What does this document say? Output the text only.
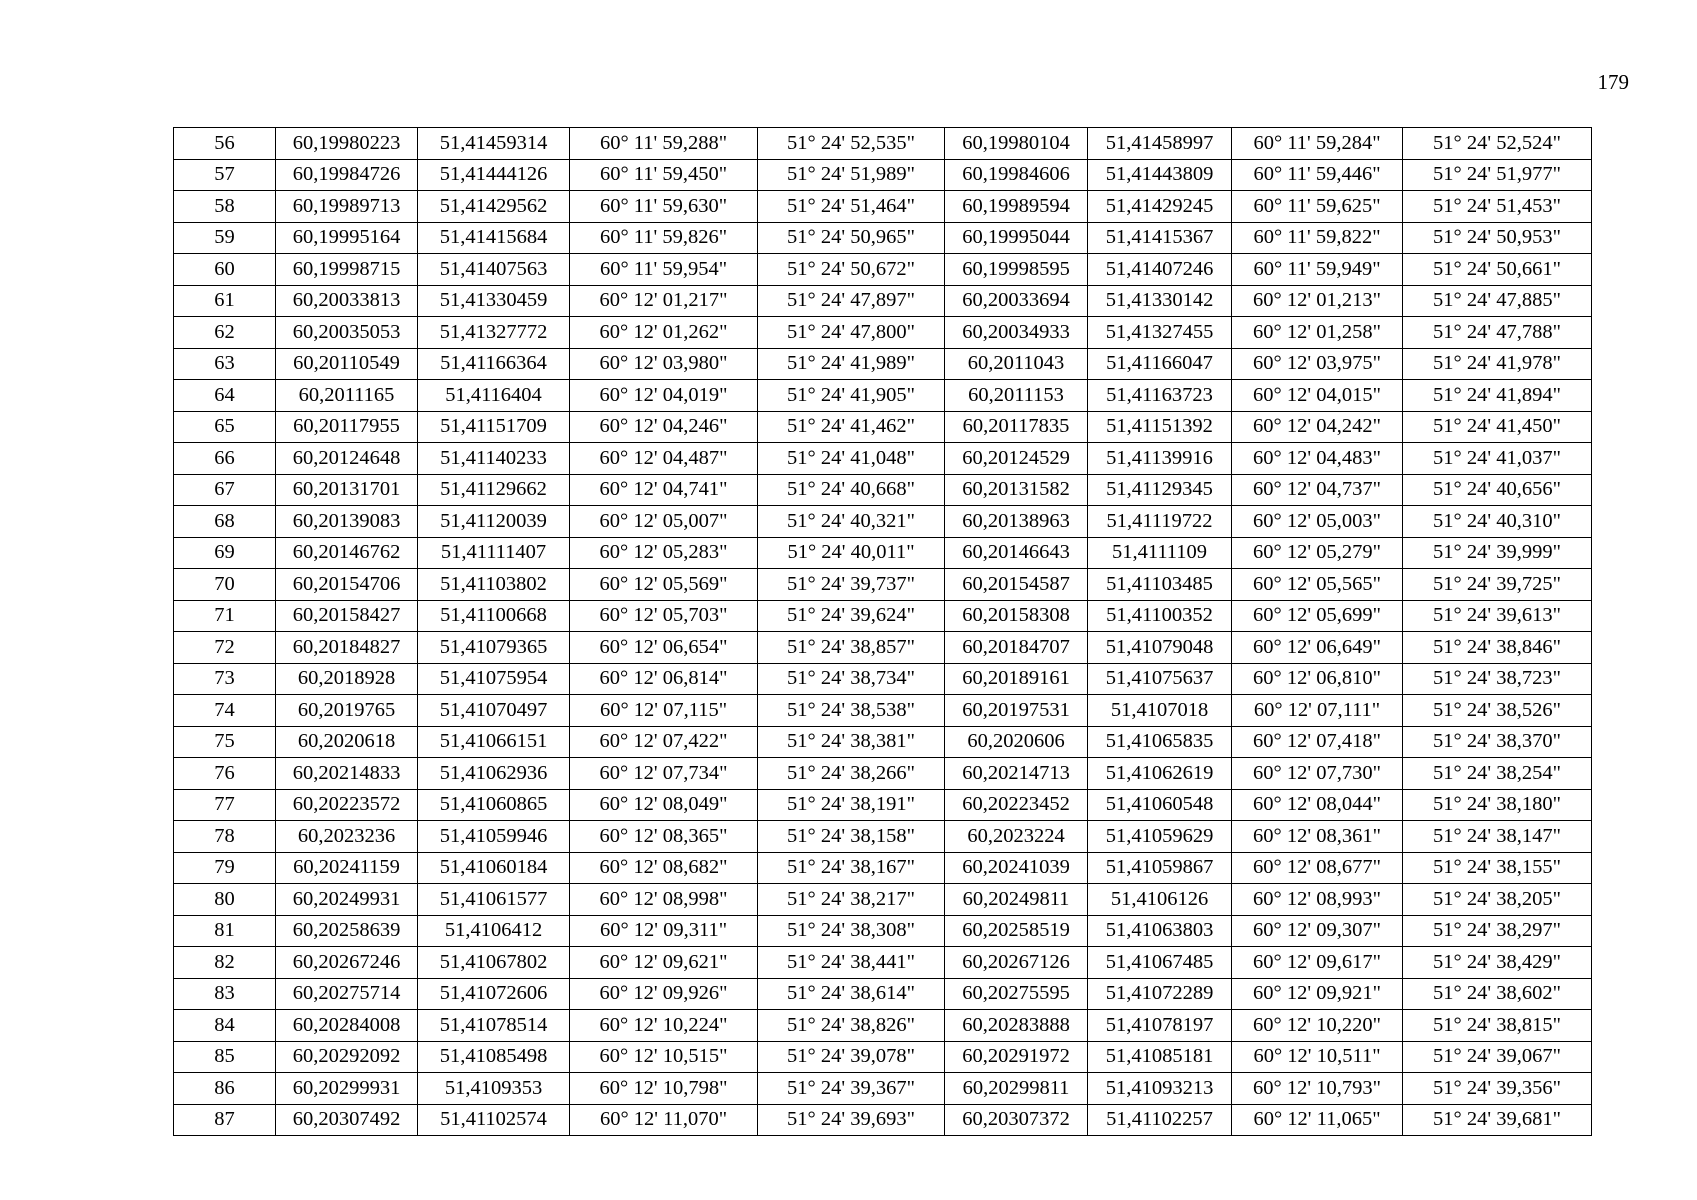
179
56	60,19980223	51,41459314	60° 11' 59,288"	51° 24' 52,535"	60,19980104	51,41458997	60° 11' 59,284"	51° 24' 52,524"
57	60,19984726	51,41444126	60° 11' 59,450"	51° 24' 51,989"	60,19984606	51,41443809	60° 11' 59,446"	51° 24' 51,977"
58	60,19989713	51,41429562	60° 11' 59,630"	51° 24' 51,464"	60,19989594	51,41429245	60° 11' 59,625"	51° 24' 51,453"
59	60,19995164	51,41415684	60° 11' 59,826"	51° 24' 50,965"	60,19995044	51,41415367	60° 11' 59,822"	51° 24' 50,953"
60	60,19998715	51,41407563	60° 11' 59,954"	51° 24' 50,672"	60,19998595	51,41407246	60° 11' 59,949"	51° 24' 50,661"
61	60,20033813	51,41330459	60° 12' 01,217"	51° 24' 47,897"	60,20033694	51,41330142	60° 12' 01,213"	51° 24' 47,885"
62	60,20035053	51,41327772	60° 12' 01,262"	51° 24' 47,800"	60,20034933	51,41327455	60° 12' 01,258"	51° 24' 47,788"
63	60,20110549	51,41166364	60° 12' 03,980"	51° 24' 41,989"	60,2011043	51,41166047	60° 12' 03,975"	51° 24' 41,978"
64	60,2011165	51,4116404	60° 12' 04,019"	51° 24' 41,905"	60,2011153	51,41163723	60° 12' 04,015"	51° 24' 41,894"
65	60,20117955	51,41151709	60° 12' 04,246"	51° 24' 41,462"	60,20117835	51,41151392	60° 12' 04,242"	51° 24' 41,450"
66	60,20124648	51,41140233	60° 12' 04,487"	51° 24' 41,048"	60,20124529	51,41139916	60° 12' 04,483"	51° 24' 41,037"
67	60,20131701	51,41129662	60° 12' 04,741"	51° 24' 40,668"	60,20131582	51,41129345	60° 12' 04,737"	51° 24' 40,656"
68	60,20139083	51,41120039	60° 12' 05,007"	51° 24' 40,321"	60,20138963	51,41119722	60° 12' 05,003"	51° 24' 40,310"
69	60,20146762	51,41111407	60° 12' 05,283"	51° 24' 40,011"	60,20146643	51,4111109	60° 12' 05,279"	51° 24' 39,999"
70	60,20154706	51,41103802	60° 12' 05,569"	51° 24' 39,737"	60,20154587	51,41103485	60° 12' 05,565"	51° 24' 39,725"
71	60,20158427	51,41100668	60° 12' 05,703"	51° 24' 39,624"	60,20158308	51,41100352	60° 12' 05,699"	51° 24' 39,613"
72	60,20184827	51,41079365	60° 12' 06,654"	51° 24' 38,857"	60,20184707	51,41079048	60° 12' 06,649"	51° 24' 38,846"
73	60,2018928	51,41075954	60° 12' 06,814"	51° 24' 38,734"	60,20189161	51,41075637	60° 12' 06,810"	51° 24' 38,723"
74	60,2019765	51,41070497	60° 12' 07,115"	51° 24' 38,538"	60,20197531	51,4107018	60° 12' 07,111"	51° 24' 38,526"
75	60,2020618	51,41066151	60° 12' 07,422"	51° 24' 38,381"	60,2020606	51,41065835	60° 12' 07,418"	51° 24' 38,370"
76	60,20214833	51,41062936	60° 12' 07,734"	51° 24' 38,266"	60,20214713	51,41062619	60° 12' 07,730"	51° 24' 38,254"
77	60,20223572	51,41060865	60° 12' 08,049"	51° 24' 38,191"	60,20223452	51,41060548	60° 12' 08,044"	51° 24' 38,180"
78	60,2023236	51,41059946	60° 12' 08,365"	51° 24' 38,158"	60,2023224	51,41059629	60° 12' 08,361"	51° 24' 38,147"
79	60,20241159	51,41060184	60° 12' 08,682"	51° 24' 38,167"	60,20241039	51,41059867	60° 12' 08,677"	51° 24' 38,155"
80	60,20249931	51,41061577	60° 12' 08,998"	51° 24' 38,217"	60,20249811	51,4106126	60° 12' 08,993"	51° 24' 38,205"
81	60,20258639	51,4106412	60° 12' 09,311"	51° 24' 38,308"	60,20258519	51,41063803	60° 12' 09,307"	51° 24' 38,297"
82	60,20267246	51,41067802	60° 12' 09,621"	51° 24' 38,441"	60,20267126	51,41067485	60° 12' 09,617"	51° 24' 38,429"
83	60,20275714	51,41072606	60° 12' 09,926"	51° 24' 38,614"	60,20275595	51,41072289	60° 12' 09,921"	51° 24' 38,602"
84	60,20284008	51,41078514	60° 12' 10,224"	51° 24' 38,826"	60,20283888	51,41078197	60° 12' 10,220"	51° 24' 38,815"
85	60,20292092	51,41085498	60° 12' 10,515"	51° 24' 39,078"	60,20291972	51,41085181	60° 12' 10,511"	51° 24' 39,067"
86	60,20299931	51,4109353	60° 12' 10,798"	51° 24' 39,367"	60,20299811	51,41093213	60° 12' 10,793"	51° 24' 39,356"
87	60,20307492	51,41102574	60° 12' 11,070"	51° 24' 39,693"	60,20307372	51,41102257	60° 12' 11,065"	51° 24' 39,681"
